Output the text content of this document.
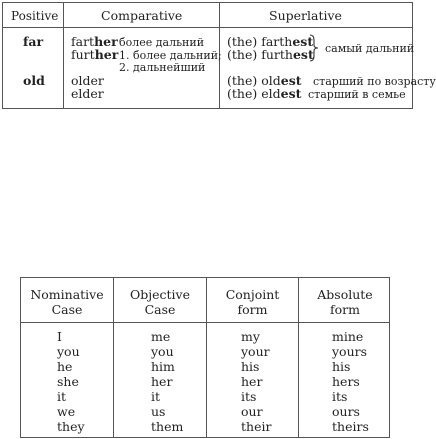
Positive	Comparative	Superlative
far farther более дальний
further 1. более дальний;
2. дальнейший
(the) farthest
(the) furthest самый дальний
old older
elder
(the) oldest старший по возрасту
(the) eldest старший в семье
Nominative
Case
Objective
Case
Conjoint
form
Absolute
form
I
you
he
she
it
we
they
me
you
him
her
it
us
them
my
your
his
her
its
our
their
mine
yours
his
hers
its
ours
theirs
